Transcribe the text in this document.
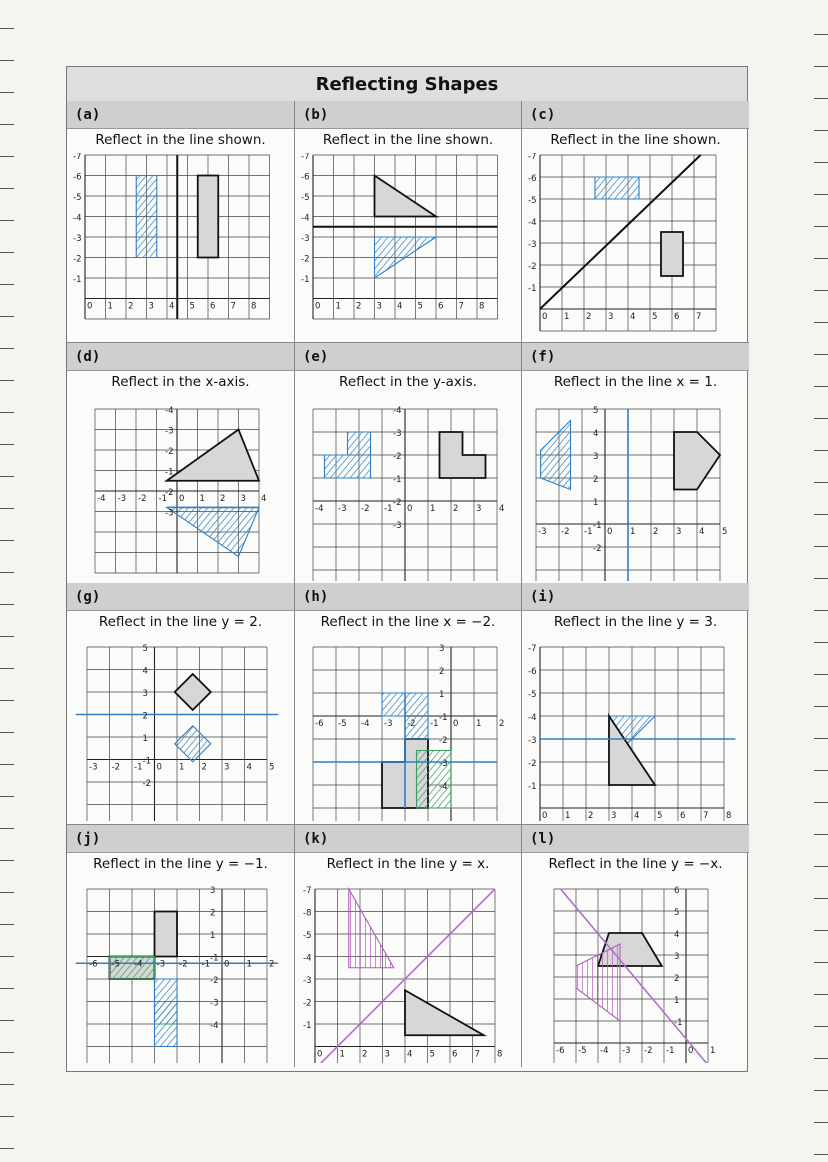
Reflecting Shapes
(a)
Reflect in the line shown.
0 1 2 3 4 5 6 7 8
-7
-6
-5
-4
-3
-2
-1
(b)
Reflect in the line shown.
0 1 2 3 4 5 6 7 8
-7
-6
-5
-4
-3
-2
-1
(c)
Reflect in the line shown.
0 1 2 3 4 5 6 7
-7
-6
-5
-4
-3
-2
-1
(d)
Reflect in the x-axis.
-4 -3 -2 -1 0 1 2 3 4
-4
-3
-2
-1
-2
-3
(e)
Reflect in the y-axis.
-4 -3 -2 -1 0 1 2 3 4
-4
-3
-2
-1
-2
-3
(f)
Reflect in the line x = 1.
-3 -2 -1 0 1 2 3 4 5
5
4
3
2
1
-1
-2
(g)
Reflect in the line y = 2.
-3 -2 -1 0 1 2 3 4 5
5
4
3
2
1
-1
-2
(h)
Reflect in the line x = −2.
-6 -5 -4 -3 -2 -1 0 1 2
3
2
1
-1
-2
-3
-4
(i)
Reflect in the line y = 3.
0 1 2 3 4 5 6 7 8
-7
-6
-5
-4
-3
-2
-1
(j)
Reflect in the line y = −1.
-6 -5 -4 -3 -2 -1 0 1 2
3
2
1
-1
-2
-3
-4
(k)
Reflect in the line y = x.
0 1 2 3 4 5 6 7 8
-7
-8
-5
-4
-3
-2
-1
(l)
Reflect in the line y = −x.
-6 -5 -4 -3 -2 -1 0 1
6
5
4
3
2
1
-1
